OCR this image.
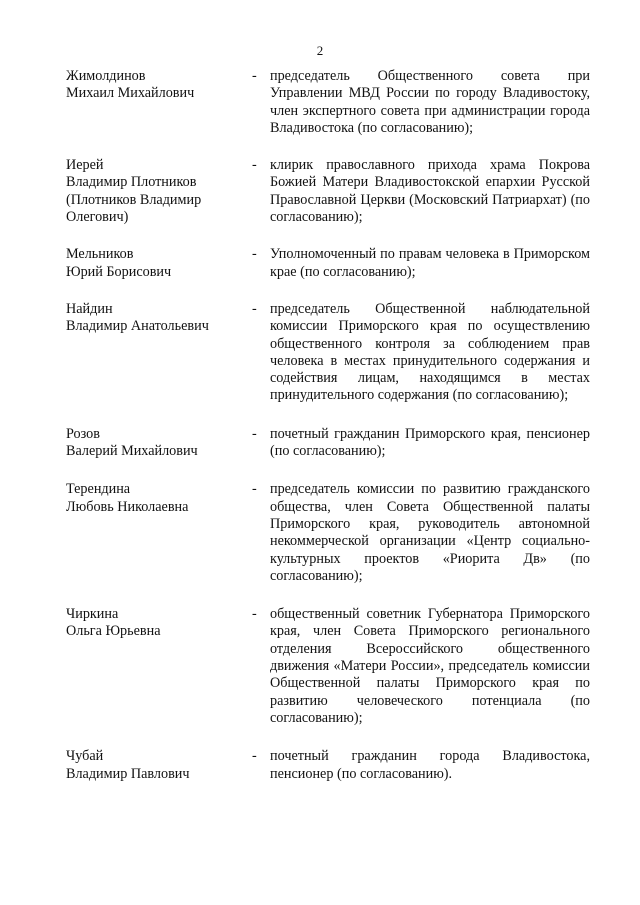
2
Жимолдинов
Михаил Михайлович
- председатель Общественного совета при Управлении МВД России по городу Владивостоку, член экспертного совета при администрации города Владивостока (по согласованию);
Иерей
Владимир Плотников
(Плотников Владимир
Олегович)
- клирик православного прихода храма Покрова Божией Матери Владивостокской епархии Русской Православной Церкви (Московский Патриархат) (по согласованию);
Мельников
Юрий Борисович
- Уполномоченный по правам человека в Приморском крае (по согласованию);
Найдин
Владимир Анатольевич
- председатель Общественной наблюдательной комиссии Приморского края по осуществлению общественного контроля за соблюдением прав человека в местах принудительного содержания и содействия лицам, находящимся в местах принудительного содержания (по согласованию);
Розов
Валерий Михайлович
- почетный гражданин Приморского края, пенсионер (по согласованию);
Терендина
Любовь Николаевна
- председатель комиссии по развитию гражданского общества, член Совета Общественной палаты Приморского края, руководитель автономной некоммерческой организации «Центр социально-культурных проектов «Риорита Дв» (по согласованию);
Чиркина
Ольга Юрьевна
- общественный советник Губернатора Приморского края, член Совета Приморского регионального отделения Всероссийского общественного движения «Матери России», председатель комиссии Общественной палаты Приморского края по развитию человеческого потенциала (по согласованию);
Чубай
Владимир Павлович
- почетный гражданин города Владивостока, пенсионер (по согласованию).
